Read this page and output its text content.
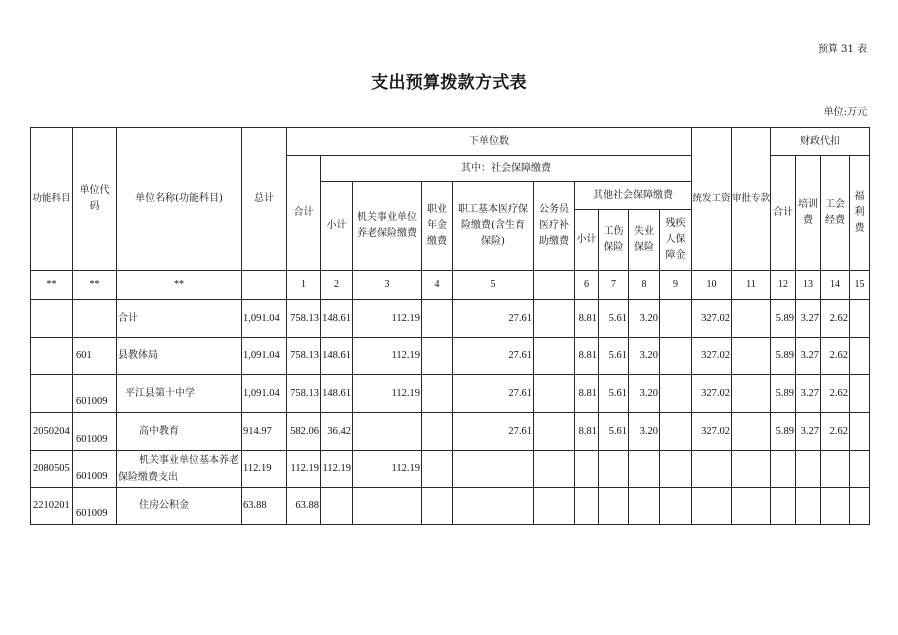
预算 31 表
支出预算拨款方式表
单位:万元
功能科目	单位代码	单位名称(功能科目)	总计	下单位数										统发工资	审批专款	财政代扣			
				合计	其中：社会保障缴费											合计	培训费	工会经费	福利费
					小计	机关事业单位养老保险缴费	职业年金缴费	职工基本医疗保险缴费(含生育保险)	公务员医疗补助缴费	其他社会保障缴费									
										小计	工伤保险	失业保险	残疾人保障金						
**	**	**		1	2	3	4	5		6	7	8	9	10	11	12	13	14	15
		合计	1,091.04	758.13	148.61	112.19		27.61		8.81	5.61	3.20		327.02		5.89	3.27	2.62	
	601	县教体局	1,091.04	758.13	148.61	112.19		27.61		8.81	5.61	3.20		327.02		5.89	3.27	2.62	
	601009	平江县第十中学	1,091.04	758.13	148.61	112.19		27.61		8.81	5.61	3.20		327.02		5.89	3.27	2.62	
2050204	601009	高中教育	914.97	582.06	36.42			27.61		8.81	5.61	3.20		327.02		5.89	3.27	2.62	
2080505	601009	机关事业单位基本养老保险缴费支出	112.19	112.19	112.19	112.19													
2210201	601009	住房公积金	63.88	63.88															
